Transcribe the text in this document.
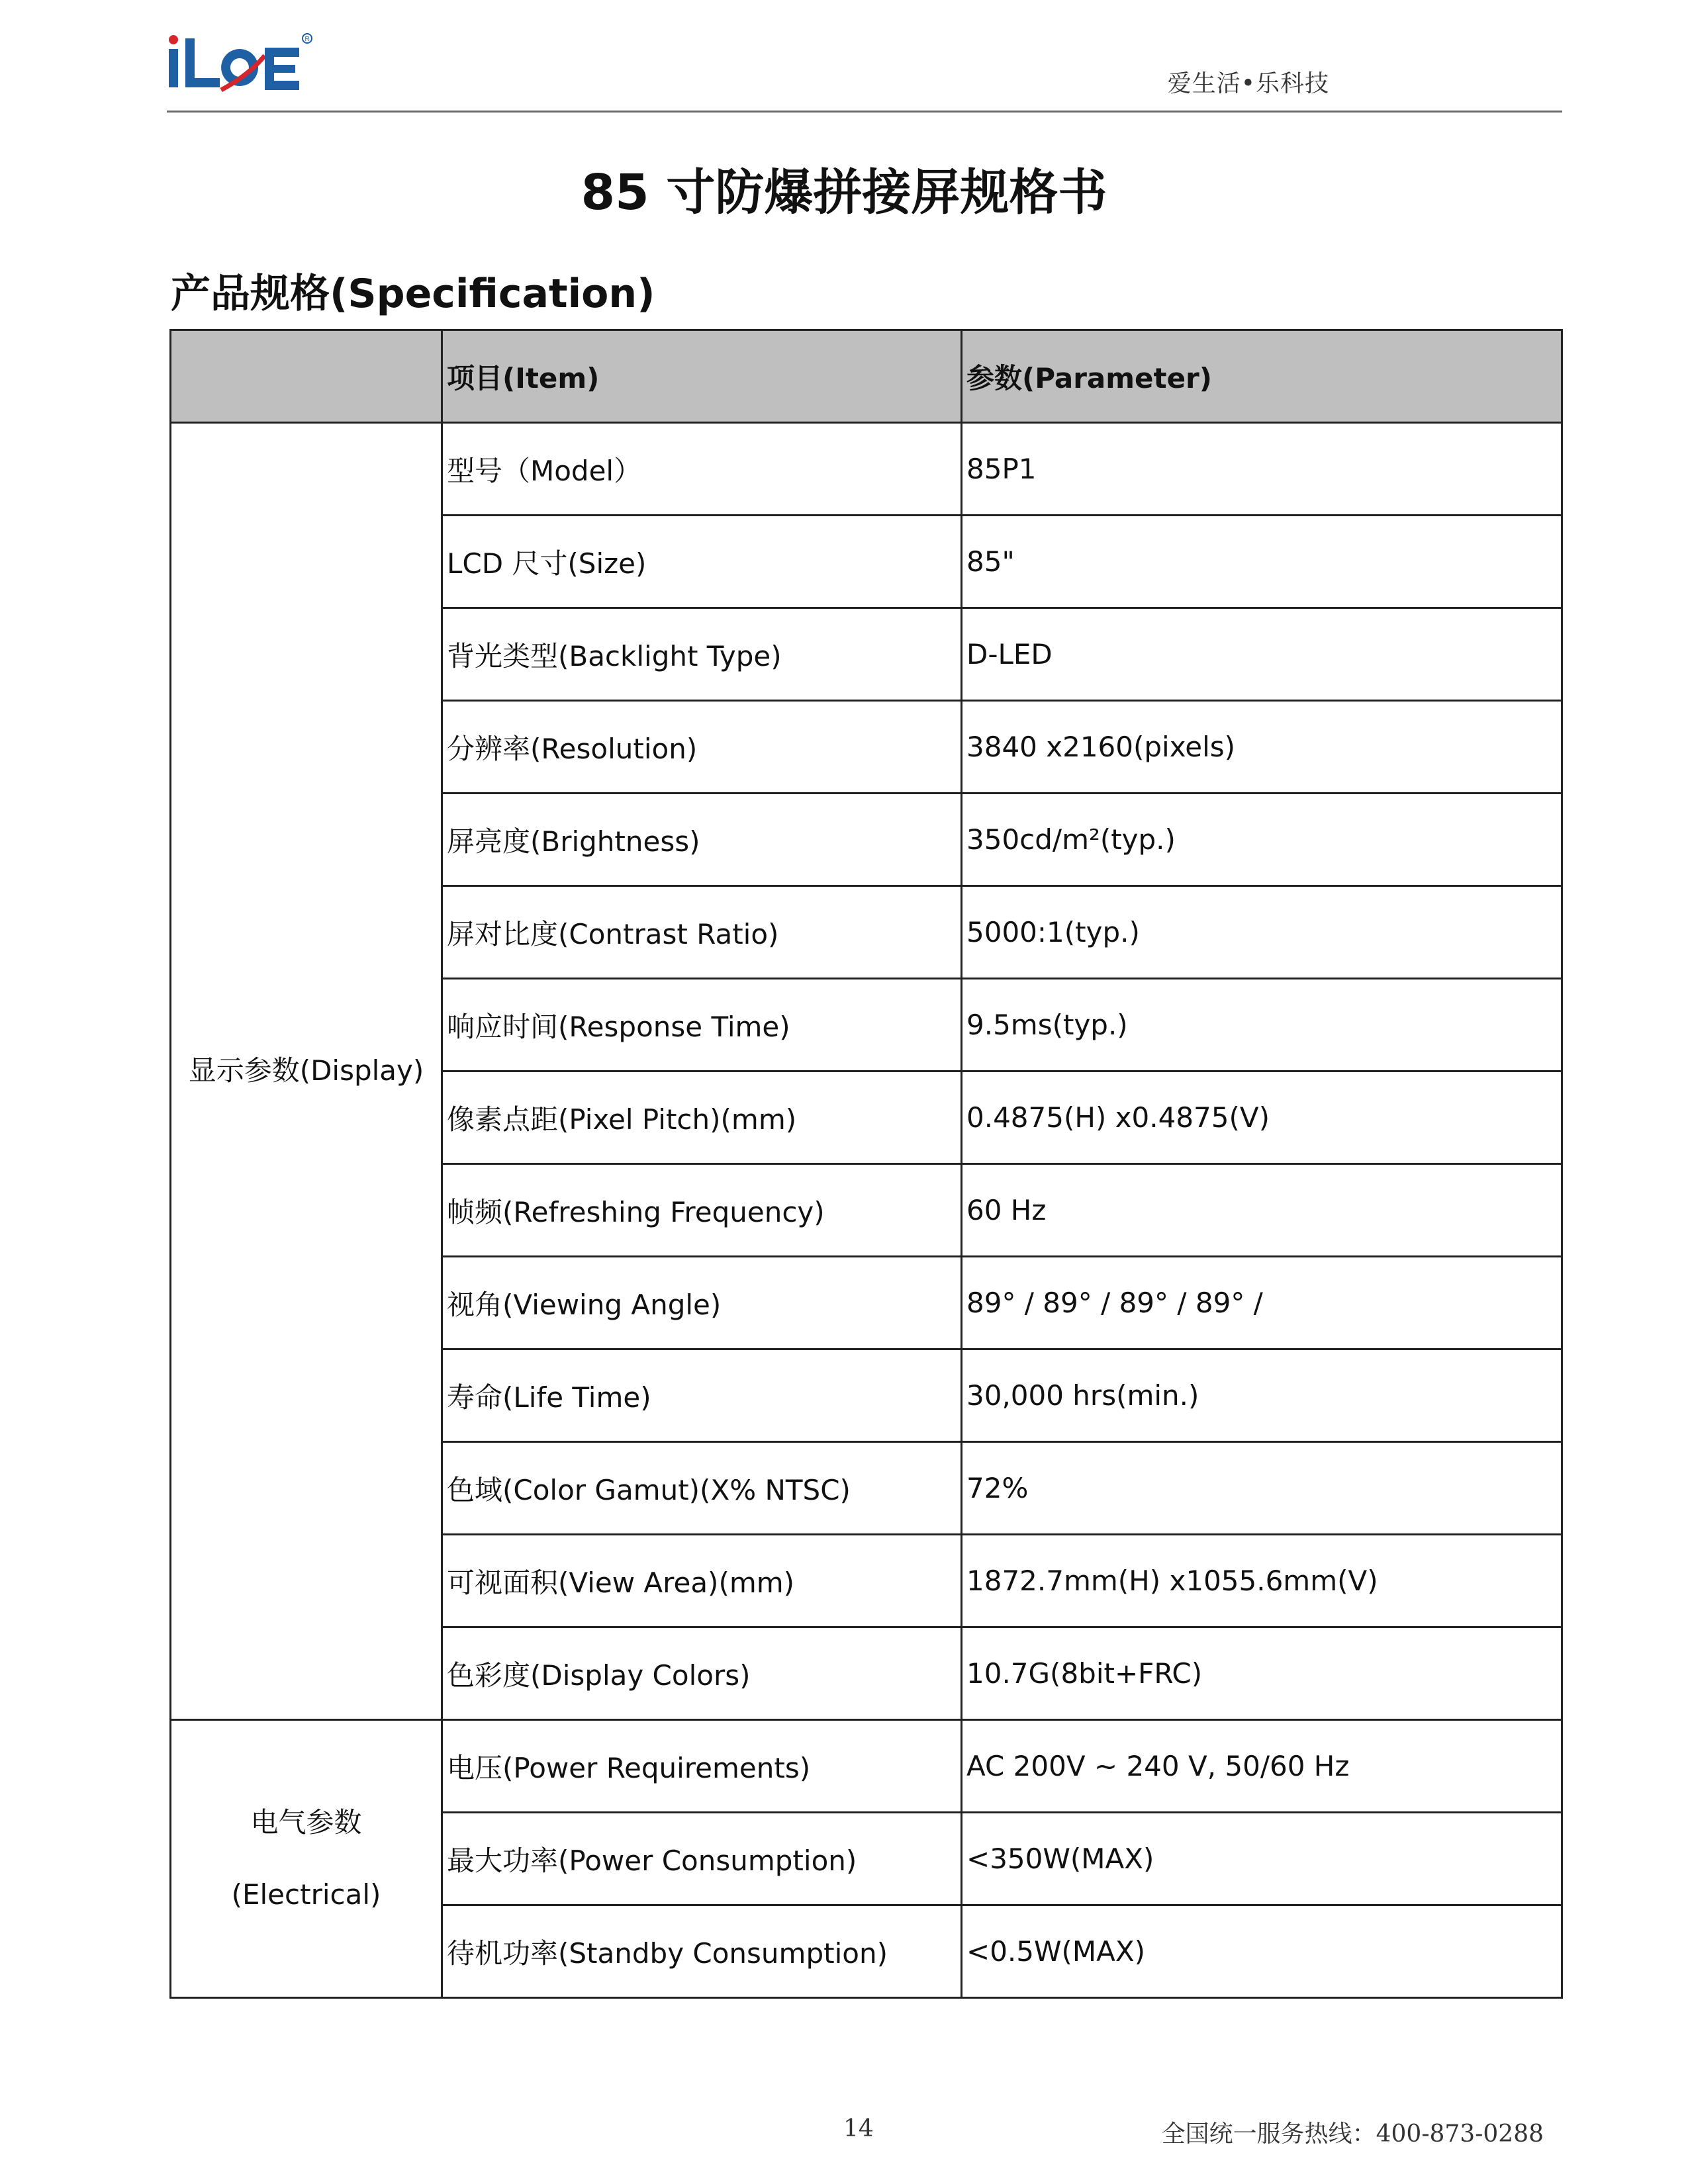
R
爱生活•乐科技
85 寸防爆拼接屏规格书
产品规格(Specification)
	项目(Item)	参数(Parameter)

显示参数(Display)	型号（Model）	85P1
	LCD 尺寸(Size)	85"
	背光类型(Backlight Type)	D-LED
	分辨率(Resolution)	3840 x2160(pixels)
	屏亮度(Brightness)	350cd/m²(typ.)
	屏对比度(Contrast Ratio)	5000:1(typ.)
	响应时间(Response Time)	9.5ms(typ.)
	像素点距(Pixel Pitch)(mm)	0.4875(H) x0.4875(V)
	帧频(Refreshing Frequency)	60 Hz
	视角(Viewing Angle)	89° / 89° / 89° / 89° /
	寿命(Life Time)	30,000 hrs(min.)
	色域(Color Gamut)(X% NTSC)	72%
	可视面积(View Area)(mm)	1872.7mm(H) x1055.6mm(V)
	色彩度(Display Colors)	10.7G(8bit+FRC)

电气参数
(Electrical)	电压(Power Requirements)	AC 200V ~ 240 V, 50/60 Hz
	最大功率(Power Consumption)	<350W(MAX)
	待机功率(Standby Consumption)	<0.5W(MAX)
14	全国统一服务热线：400-873-0288
